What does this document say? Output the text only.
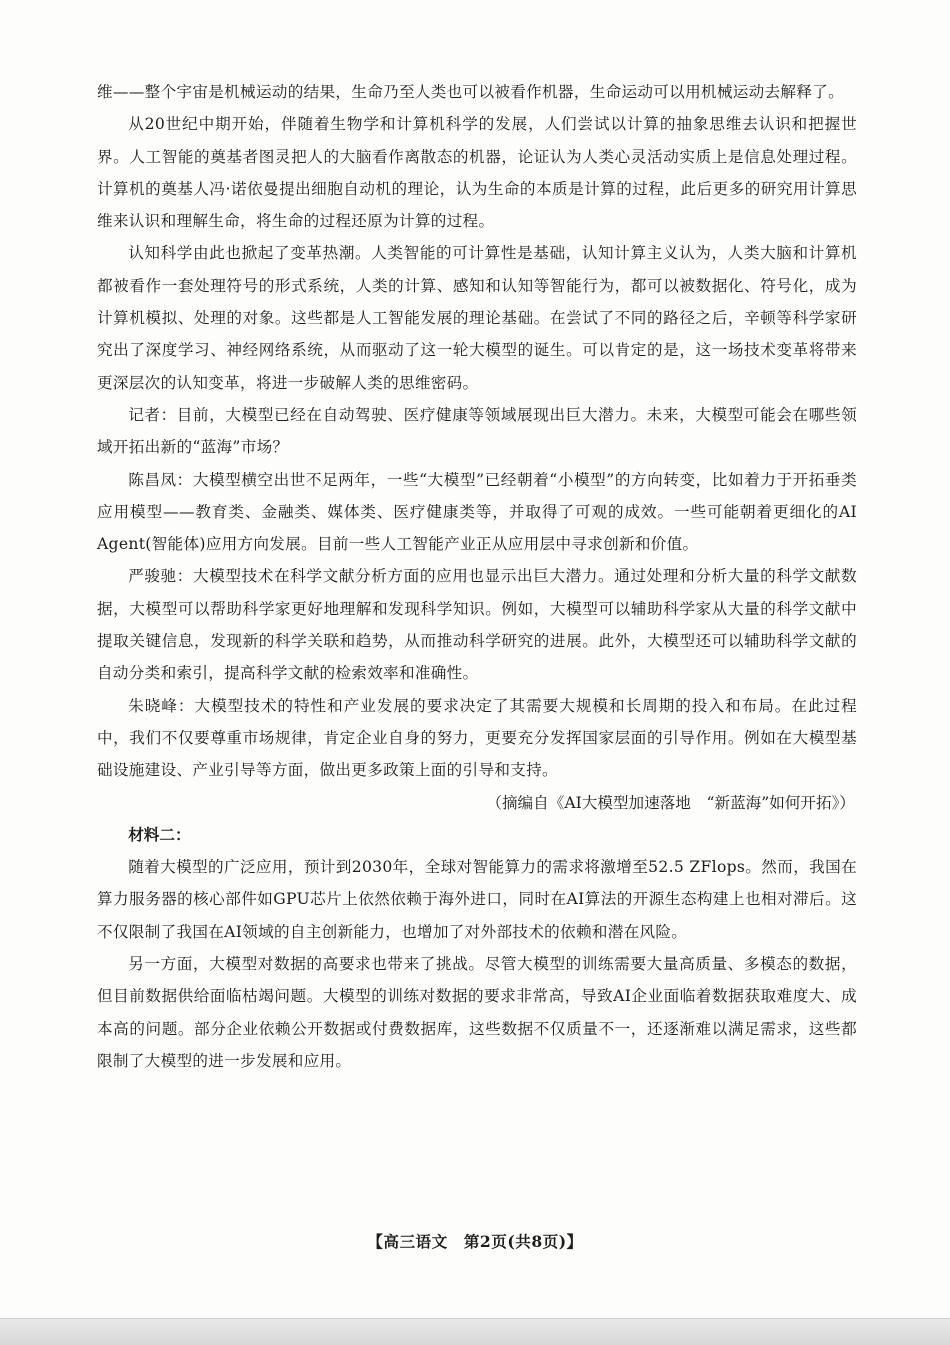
维——整个宇宙是机械运动的结果，生命乃至人类也可以被看作机器，生命运动可以用机械运动去解释了。

从20世纪中期开始，伴随着生物学和计算机科学的发展，人们尝试以计算的抽象思维去认识和把握世界。人工智能的奠基者图灵把人的大脑看作离散态的机器，论证认为人类心灵活动实质上是信息处理过程。计算机的奠基人冯·诺依曼提出细胞自动机的理论，认为生命的本质是计算的过程，此后更多的研究用计算思维来认识和理解生命，将生命的过程还原为计算的过程。

认知科学由此也掀起了变革热潮。人类智能的可计算性是基础，认知计算主义认为，人类大脑和计算机都被看作一套处理符号的形式系统，人类的计算、感知和认知等智能行为，都可以被数据化、符号化，成为计算机模拟、处理的对象。这些都是人工智能发展的理论基础。在尝试了不同的路径之后，辛顿等科学家研究出了深度学习、神经网络系统，从而驱动了这一轮大模型的诞生。可以肯定的是，这一场技术变革将带来更深层次的认知变革，将进一步破解人类的思维密码。

记者：目前，大模型已经在自动驾驶、医疗健康等领域展现出巨大潜力。未来，大模型可能会在哪些领域开拓出新的“蓝海”市场？

陈昌凤：大模型横空出世不足两年，一些“大模型”已经朝着“小模型”的方向转变，比如着力于开拓垂类应用模型——教育类、金融类、媒体类、医疗健康类等，并取得了可观的成效。一些可能朝着更细化的AI Agent(智能体)应用方向发展。目前一些人工智能产业正从应用层中寻求创新和价值。

严骏驰：大模型技术在科学文献分析方面的应用也显示出巨大潜力。通过处理和分析大量的科学文献数据，大模型可以帮助科学家更好地理解和发现科学知识。例如，大模型可以辅助科学家从大量的科学文献中提取关键信息，发现新的科学关联和趋势，从而推动科学研究的进展。此外，大模型还可以辅助科学文献的自动分类和索引，提高科学文献的检索效率和准确性。

朱晓峰：大模型技术的特性和产业发展的要求决定了其需要大规模和长周期的投入和布局。在此过程中，我们不仅要尊重市场规律，肯定企业自身的努力，更要充分发挥国家层面的引导作用。例如在大模型基础设施建设、产业引导等方面，做出更多政策上面的引导和支持。

（摘编自《AI大模型加速落地　“新蓝海”如何开拓》）

材料二：

随着大模型的广泛应用，预计到2030年，全球对智能算力的需求将激增至52.5 ZFlops。然而，我国在算力服务器的核心部件如GPU芯片上依然依赖于海外进口，同时在AI算法的开源生态构建上也相对滞后。这不仅限制了我国在AI领域的自主创新能力，也增加了对外部技术的依赖和潜在风险。

另一方面，大模型对数据的高要求也带来了挑战。尽管大模型的训练需要大量高质量、多模态的数据，但目前数据供给面临枯竭问题。大模型的训练对数据的要求非常高，导致AI企业面临着数据获取难度大、成本高的问题。部分企业依赖公开数据或付费数据库，这些数据不仅质量不一，还逐渐难以满足需求，这些都限制了大模型的进一步发展和应用。

【高三语文　第2页(共8页)】
